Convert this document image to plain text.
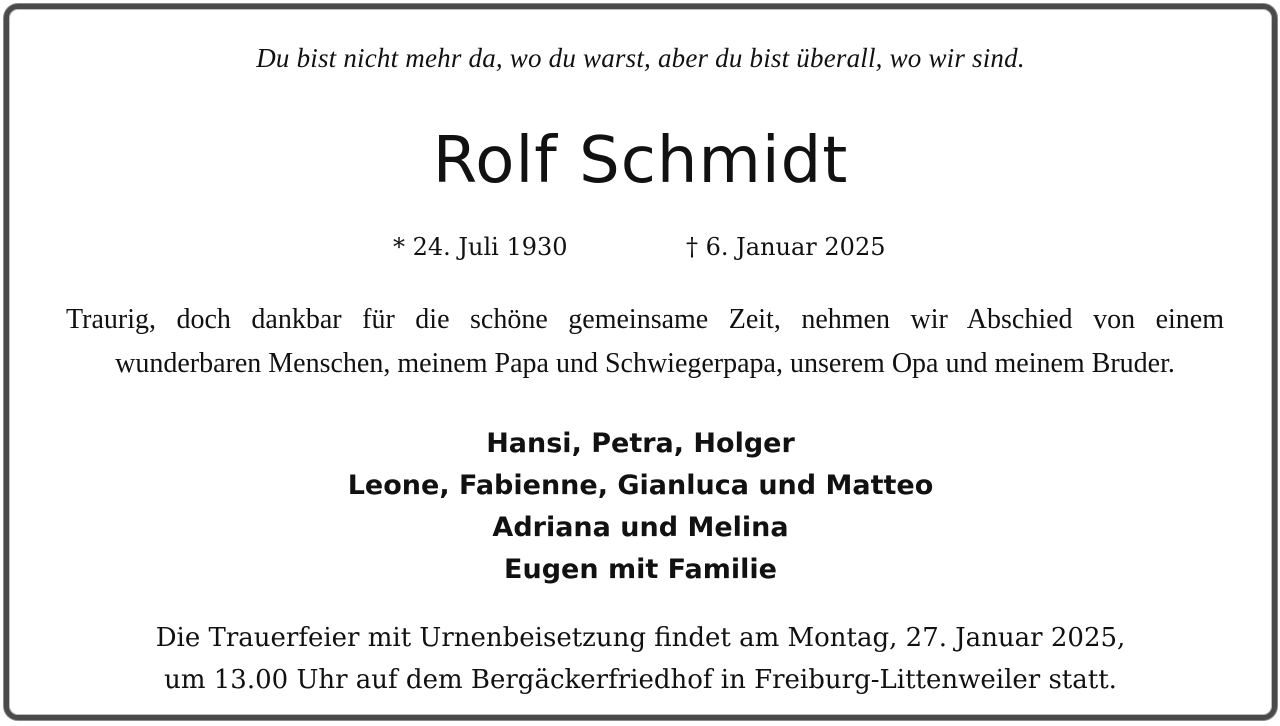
Du bist nicht mehr da, wo du warst, aber du bist überall, wo wir sind.
Rolf Schmidt
* 24. Juli 1930	† 6. Januar 2025
Traurig, doch dankbar für die schöne gemeinsame Zeit, nehmen wir Abschied von einem
wunderbaren Menschen, meinem Papa und Schwiegerpapa, unserem Opa und meinem Bruder.
Hansi, Petra, Holger
Leone, Fabienne, Gianluca und Matteo
Adriana und Melina
Eugen mit Familie
Die Trauerfeier mit Urnenbeisetzung findet am Montag, 27. Januar 2025,
um 13.00 Uhr auf dem Bergäckerfriedhof in Freiburg-Littenweiler statt.
